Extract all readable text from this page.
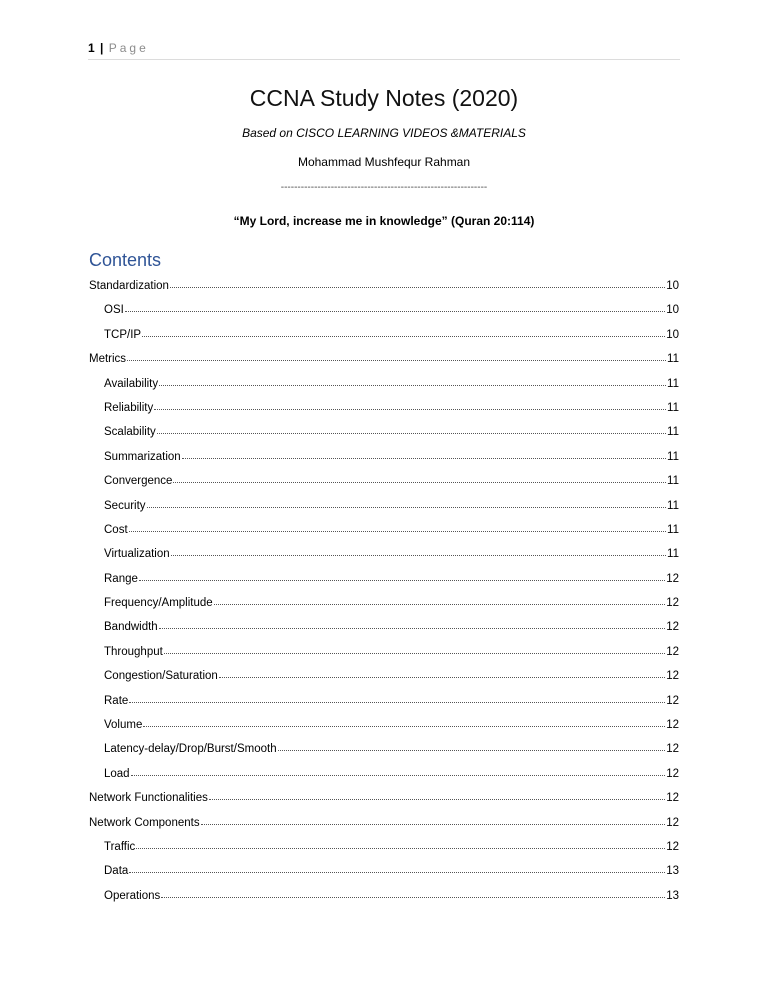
1 | Page
CCNA Study Notes (2020)
Based on CISCO LEARNING VIDEOS &MATERIALS
Mohammad Mushfequr Rahman
--------------------------------------------------------------
“My Lord, increase me in knowledge” (Quran 20:114)
Contents
Standardization	10
OSI	10
TCP/IP	10
Metrics	11
Availability	11
Reliability	11
Scalability	11
Summarization	11
Convergence	11
Security	11
Cost	11
Virtualization	11
Range	12
Frequency/Amplitude	12
Bandwidth	12
Throughput	12
Congestion/Saturation	12
Rate	12
Volume	12
Latency-delay/Drop/Burst/Smooth	12
Load	12
Network Functionalities	12
Network Components	12
Traffic	12
Data	13
Operations	13
